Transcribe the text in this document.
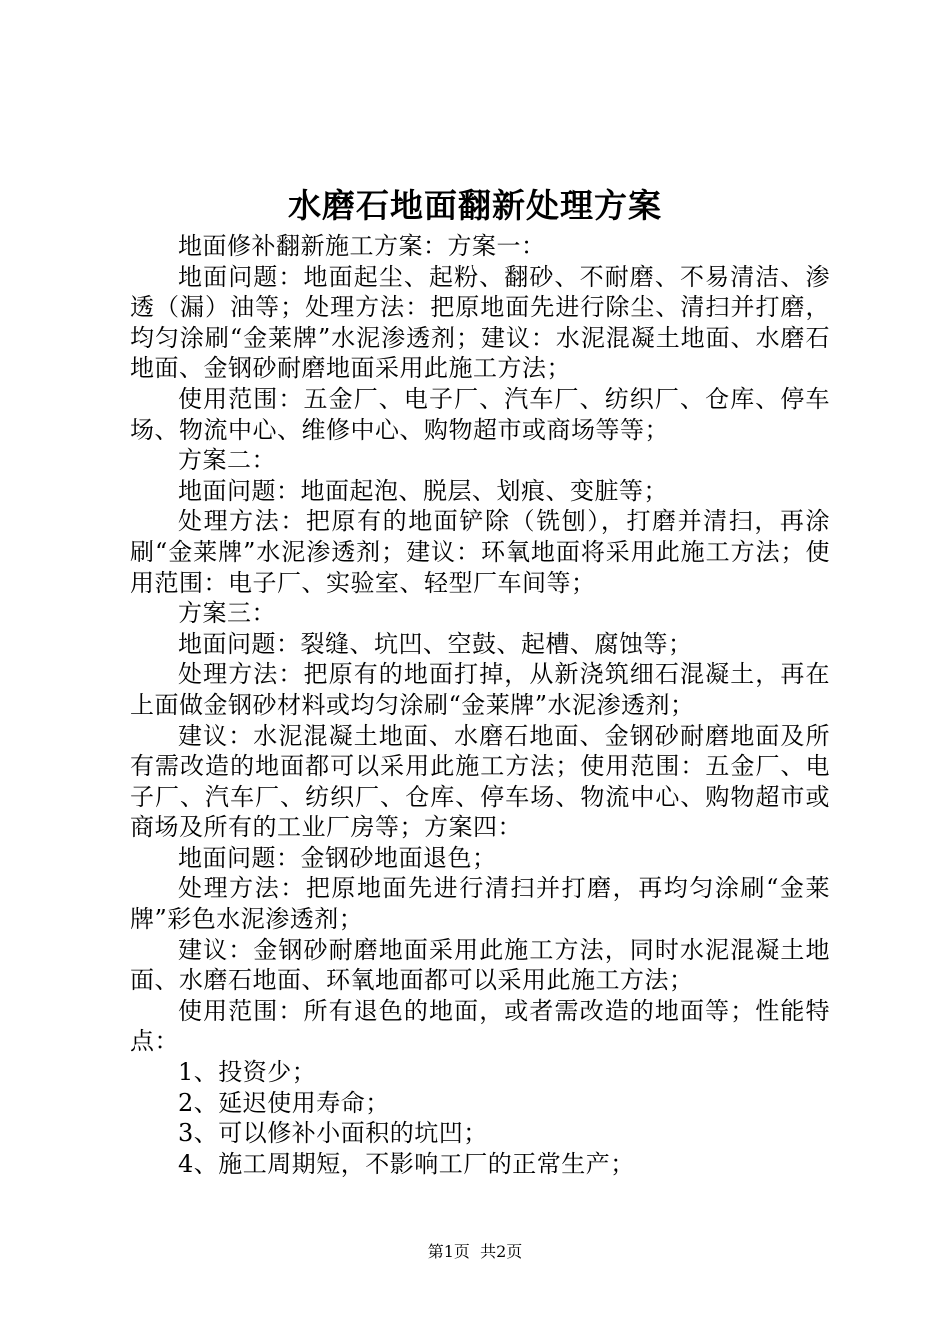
水磨石地面翻新处理方案

地面修补翻新施工方案：方案一：

地面问题：地面起尘、起粉、翻砂、不耐磨、不易清洁、渗透（漏）油等；处理方法：把原地面先进行除尘、清扫并打磨，均匀涂刷“金莱牌”水泥渗透剂；建议：水泥混凝土地面、水磨石地面、金钢砂耐磨地面采用此施工方法；

使用范围：五金厂、电子厂、汽车厂、纺织厂、仓库、停车场、物流中心、维修中心、购物超市或商场等等；

方案二：

地面问题：地面起泡、脱层、划痕、变脏等；

处理方法：把原有的地面铲除（铣刨），打磨并清扫，再涂刷“金莱牌”水泥渗透剂；建议：环氧地面将采用此施工方法；使用范围：电子厂、实验室、轻型厂车间等；

方案三：

地面问题：裂缝、坑凹、空鼓、起槽、腐蚀等；

处理方法：把原有的地面打掉，从新浇筑细石混凝土，再在上面做金钢砂材料或均匀涂刷“金莱牌”水泥渗透剂；

建议：水泥混凝土地面、水磨石地面、金钢砂耐磨地面及所有需改造的地面都可以采用此施工方法；使用范围：五金厂、电子厂、汽车厂、纺织厂、仓库、停车场、物流中心、购物超市或商场及所有的工业厂房等；方案四：

地面问题：金钢砂地面退色；

处理方法：把原地面先进行清扫并打磨，再均匀涂刷“金莱牌”彩色水泥渗透剂；

建议：金钢砂耐磨地面采用此施工方法，同时水泥混凝土地面、水磨石地面、环氧地面都可以采用此施工方法；

使用范围：所有退色的地面，或者需改造的地面等；性能特点：

1、投资少；

2、延迟使用寿命；

3、可以修补小面积的坑凹；

4、施工周期短，不影响工厂的正常生产；

第1页  共2页
